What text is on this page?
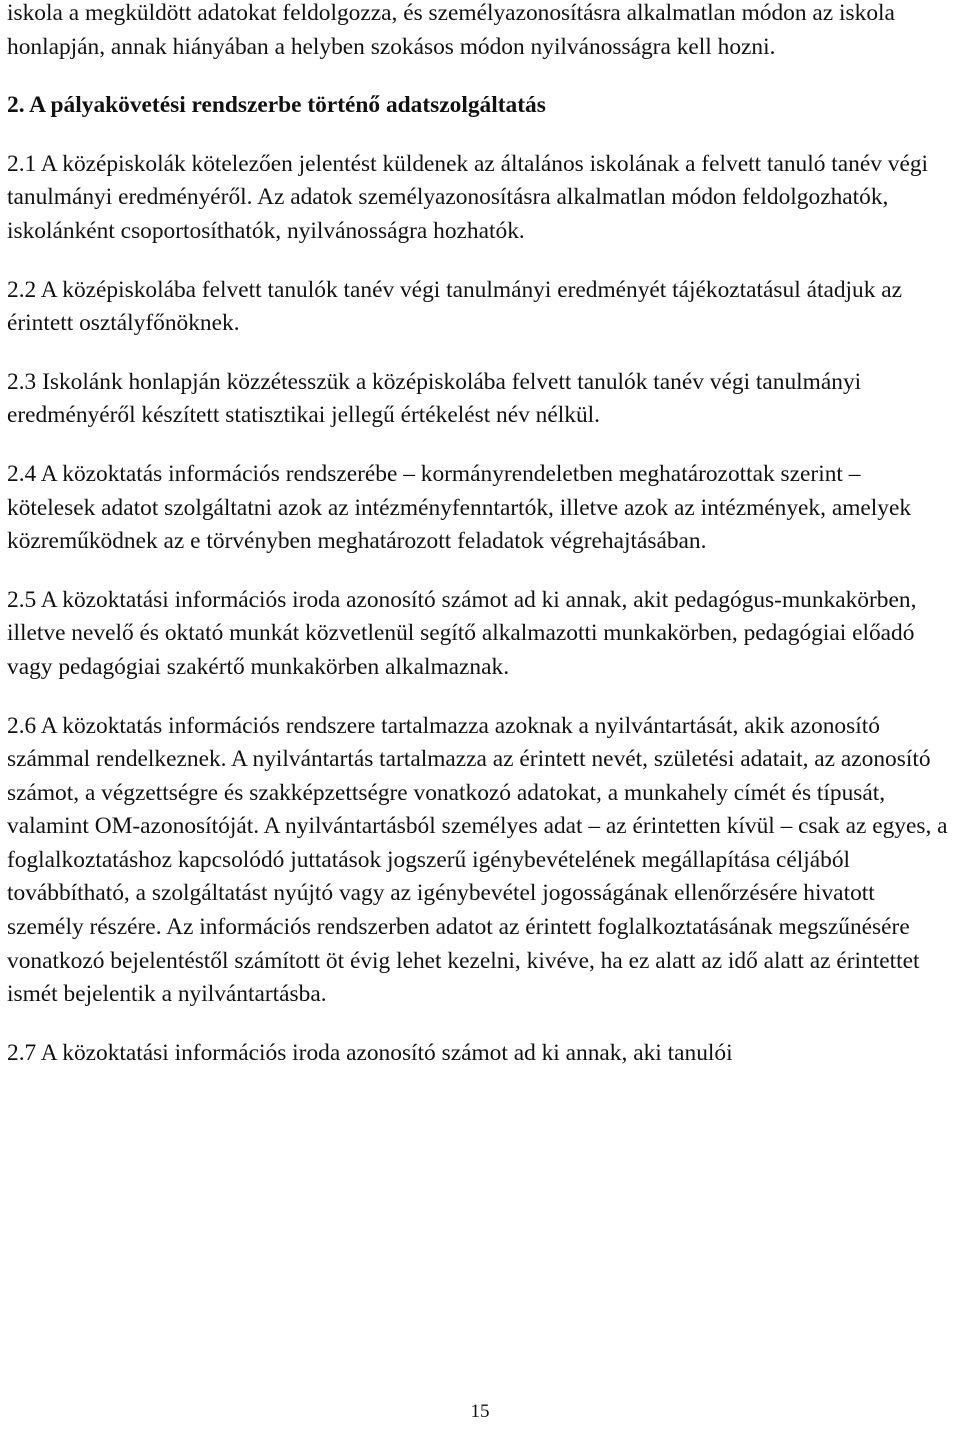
iskola a megküldött adatokat feldolgozza, és személyazonosításra alkalmatlan módon az iskola honlapján, annak hiányában a helyben szokásos módon nyilvánosságra kell hozni.

2. A pályakövetési rendszerbe történő adatszolgáltatás

2.1 A középiskolák kötelezően jelentést küldenek az általános iskolának a felvett tanuló tanév végi tanulmányi eredményéről. Az adatok személyazonosításra alkalmatlan módon feldolgozhatók, iskolánként csoportosíthatók, nyilvánosságra hozhatók.

2.2 A középiskolába felvett tanulók tanév végi tanulmányi eredményét tájékoztatásul átadjuk az érintett osztályfőnöknek.

2.3 Iskolánk honlapján közzétesszük a középiskolába felvett tanulók tanév végi tanulmányi eredményéről készített statisztikai jellegű értékelést név nélkül.

2.4 A közoktatás információs rendszerébe – kormányrendeletben meghatározottak szerint – kötelesek adatot szolgáltatni azok az intézményfenntartók, illetve azok az intézmények, amelyek közreműködnek az e törvényben meghatározott feladatok végrehajtásában.

2.5 A közoktatási információs iroda azonosító számot ad ki annak, akit pedagógus-munkakörben, illetve nevelő és oktató munkát közvetlenül segítő alkalmazotti munkakörben, pedagógiai előadó vagy pedagógiai szakértő munkakörben alkalmaznak.

2.6 A közoktatás információs rendszere tartalmazza azoknak a nyilvántartását, akik azonosító számmal rendelkeznek. A nyilvántartás tartalmazza az érintett nevét, születési adatait, az azonosító számot, a végzettségre és szakképzettségre vonatkozó adatokat, a munkahely címét és típusát, valamint OM-azonosítóját. A nyilvántartásból személyes adat – az érintetten kívül – csak az egyes, a foglalkoztatáshoz kapcsolódó juttatások jogszerű igénybevételének megállapítása céljából továbbítható, a szolgáltatást nyújtó vagy az igénybevétel jogosságának ellenőrzésére hivatott személy részére. Az információs rendszerben adatot az érintett foglalkoztatásának megszűnésére vonatkozó bejelentéstől számított öt évig lehet kezelni, kivéve, ha ez alatt az idő alatt az érintettet ismét bejelentik a nyilvántartásba.

2.7 A közoktatási információs iroda azonosító számot ad ki annak, aki tanulói

15
